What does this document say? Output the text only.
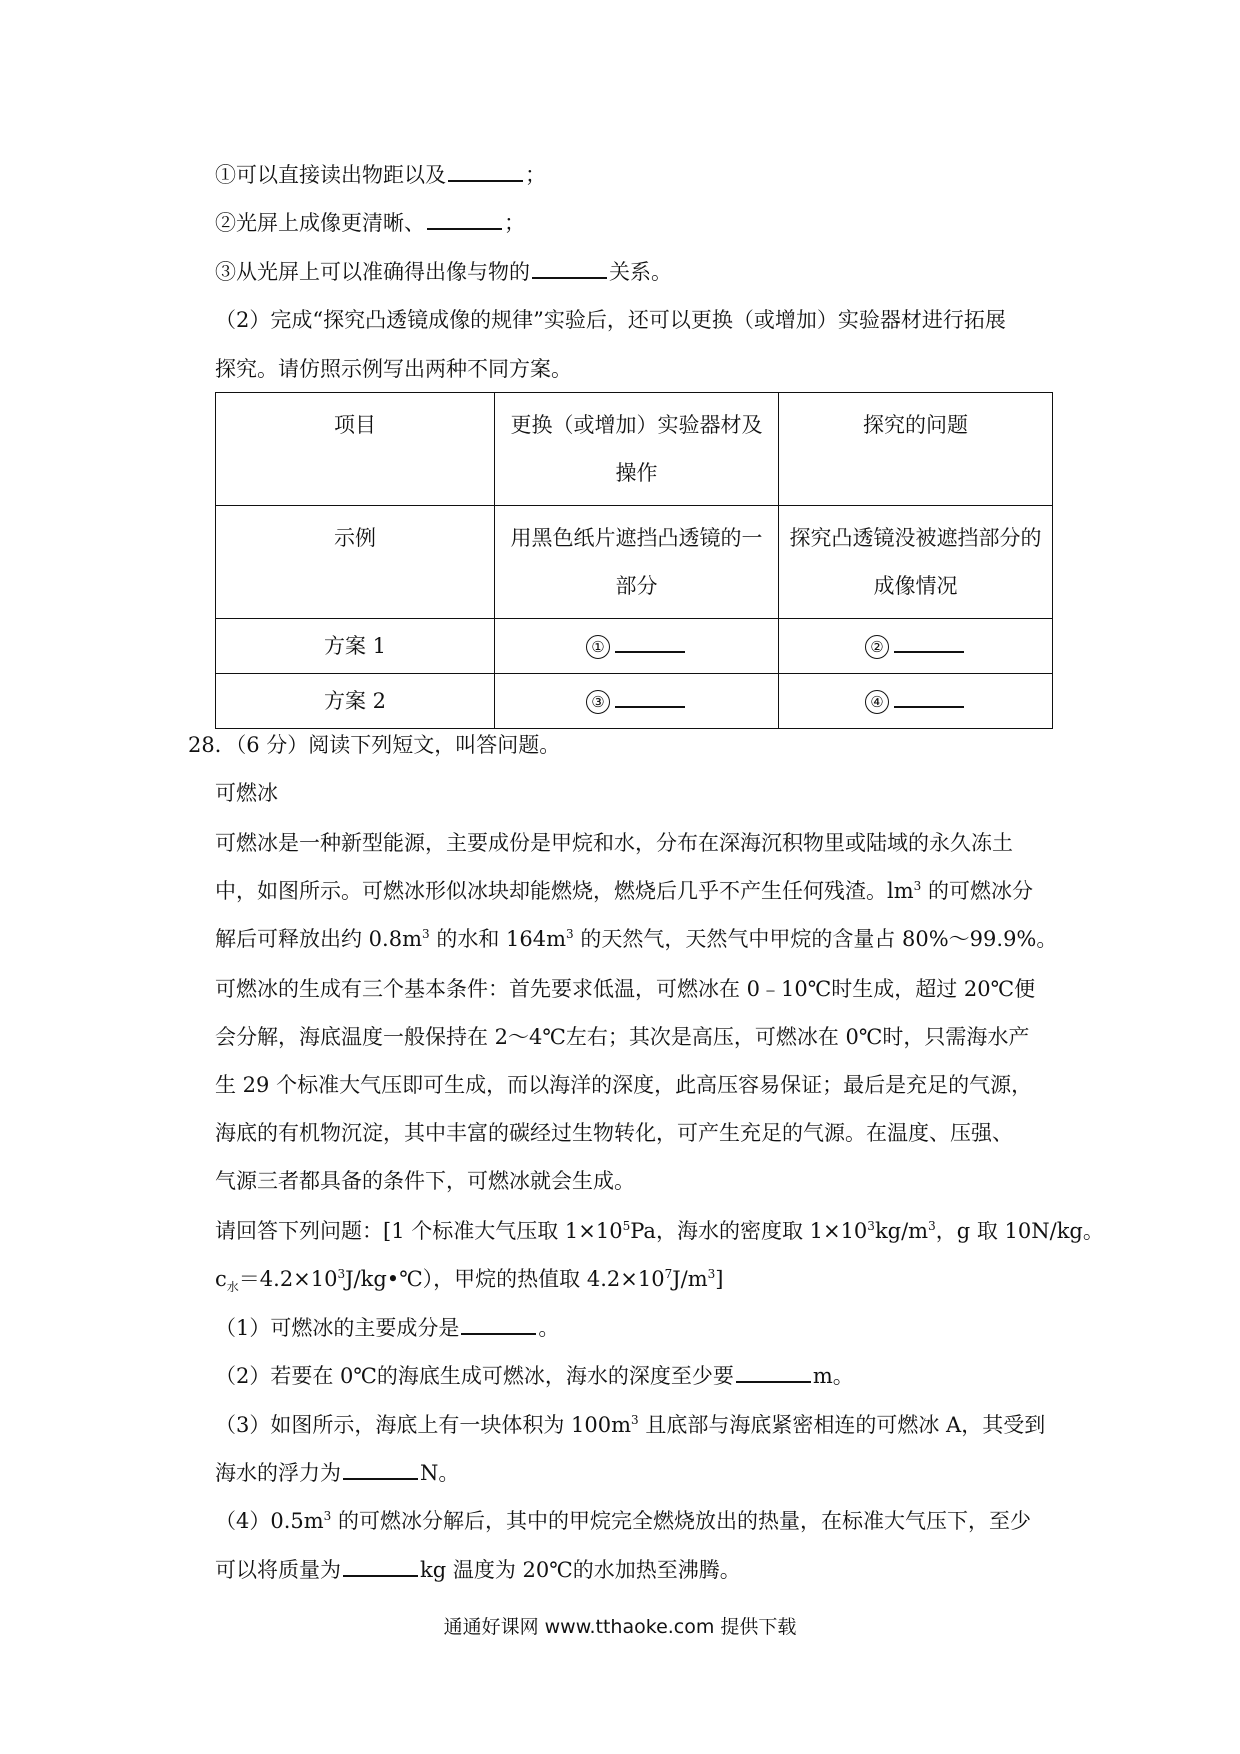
①可以直接读出物距以及	；
②光屏上成像更清晰、	；
③从光屏上可以准确得出像与物的	关系。
（2）完成“探究凸透镜成像的规律”实验后，还可以更换（或增加）实验器材进行拓展
探究。请仿照示例写出两种不同方案。
项目	更换（或增加）实验器材及操作	探究的问题
示例	用黑色纸片遮挡凸透镜的一部分	探究凸透镜没被遮挡部分的成像情况
方案 1	①	②
方案 2	③	④
28．（6 分）阅读下列短文，叫答问题。
可燃冰
可燃冰是一种新型能源，主要成份是甲烷和水，分布在深海沉积物里或陆域的永久冻土
中，如图所示。可燃冰形似冰块却能燃烧，燃烧后几乎不产生任何残渣。$lm^3$ 的可燃冰分
解后可释放出约 $0.8m^3$ 的水和 $164m^3$ 的天然气，天然气中甲烷的含量占 80%～99.9%。
可燃冰的生成有三个基本条件：首先要求低温，可燃冰在 0﹣10℃时生成，超过 20℃便
会分解，海底温度一般保持在 2～4℃左右；其次是高压，可燃冰在 0℃时，只需海水产
生 29 个标准大气压即可生成，而以海洋的深度，此高压容易保证；最后是充足的气源，
海底的有机物沉淀，其中丰富的碳经过生物转化，可产生充足的气源。在温度、压强、
气源三者都具备的条件下，可燃冰就会生成。
请回答下列问题：[1 个标准大气压取 $1\times 10^5Pa$，海水的密度取 $1\times 10^3kg/m^3$，g 取 10N/kg。
$c_水=4.2\times 10^3J/kg•℃$），甲烷的热值取 $4.2\times 10^7J/m^3$]
（1）可燃冰的主要成分是	。
（2）若要在 0℃的海底生成可燃冰，海水的深度至少要	m。
（3）如图所示，海底上有一块体积为 $100m^3$ 且底部与海底紧密相连的可燃冰 A，其受到
海水的浮力为	N。
$(4)0.5m^3$ 的可燃冰分解后，其中的甲烷完全燃烧放出的热量，在标准大气压下，至少
可以将质量为	kg 温度为 20℃的水加热至沸腾。
通通好课网 www.tthaoke.com 提供下载
